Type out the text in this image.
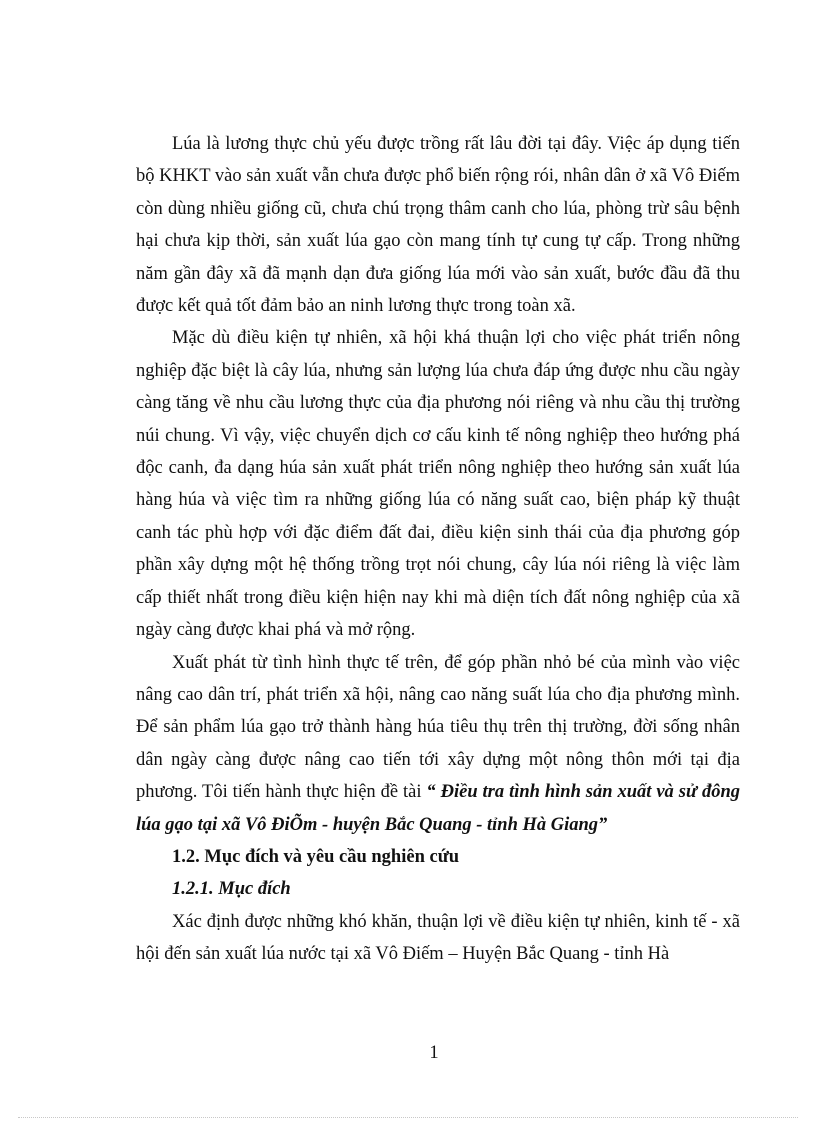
Lúa là lương thực chủ yếu được trồng rất lâu đời tại đây. Việc áp dụng tiến bộ KHKT vào sản xuất vẫn chưa được phổ biến rộng rói, nhân dân ở xã Vô Điếm còn dùng nhiều giống cũ, chưa chú trọng thâm canh cho lúa, phòng trừ sâu bệnh hại chưa kịp thời, sản xuất lúa gạo còn mang tính tự cung tự cấp. Trong những năm gần đây xã đã mạnh dạn đưa giống lúa mới vào sản xuất, bước đầu đã thu được kết quả tốt đảm bảo an ninh lương thực trong toàn xã.

Mặc dù điều kiện tự nhiên, xã hội khá thuận lợi cho việc phát triển nông nghiệp đặc biệt là cây lúa, nhưng sản lượng lúa chưa đáp ứng được nhu cầu ngày càng tăng về nhu cầu lương thực của địa phương nói riêng và nhu cầu thị trường núi chung. Vì vậy, việc chuyển dịch cơ cấu kinh tế nông nghiệp theo hướng phá độc canh, đa dạng húa sản xuất phát triển nông nghiệp theo hướng sản xuất lúa hàng húa và việc tìm ra những giống lúa có năng suất cao, biện pháp kỹ thuật canh tác phù hợp với đặc điểm đất đai, điều kiện sinh thái của địa phương góp phần xây dựng một hệ thống trồng trọt nói chung, cây lúa nói riêng là việc làm cấp thiết nhất trong điều kiện hiện nay khi mà diện tích đất nông nghiệp của xã ngày càng được khai phá và mở rộng.

Xuất phát từ tình hình thực tế trên, để góp phần nhỏ bé của mình vào việc nâng cao dân trí, phát triển xã hội, nâng cao năng suất lúa cho địa phương mình. Để sản phẩm lúa gạo trở thành hàng húa tiêu thụ trên thị trường, đời sống nhân dân ngày càng được nâng cao tiến tới xây dựng một nông thôn mới tại địa phương. Tôi tiến hành thực hiện đề tài “ Điều tra tình hình sản xuất và sử đông lúa gạo tại xã Vô ĐiÕm - huyện Bắc Quang - tỉnh Hà Giang”

1.2. Mục đích và yêu cầu nghiên cứu

1.2.1. Mục đích

Xác định được những khó khăn, thuận lợi về điều kiện tự nhiên, kinh tế - xã hội đến sản xuất lúa nước tại xã Vô Điếm – Huyện Bắc Quang - tỉnh Hà

1
